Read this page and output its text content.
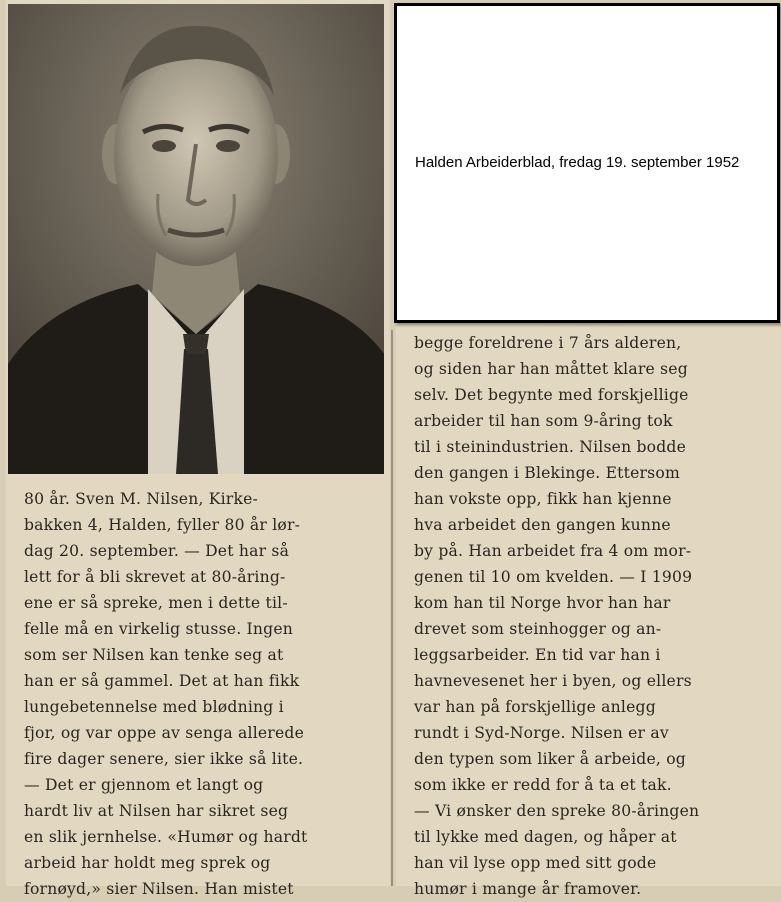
Halden Arbeiderblad, fredag 19. september 1952
80 år. Sven M. Nilsen, Kirke-
bakken 4, Halden, fyller 80 år lør-
dag 20. september. — Det har så
lett for å bli skrevet at 80-åring-
ene er så spreke, men i dette til-
felle må en virkelig stusse. Ingen
som ser Nilsen kan tenke seg at
han er så gammel. Det at han fikk
lungebetennelse med blødning i
fjor, og var oppe av senga allerede
fire dager senere, sier ikke så lite.
— Det er gjennom et langt og
hardt liv at Nilsen har sikret seg
en slik jernhelse. «Humør og hardt
arbeid har holdt meg sprek og
fornøyd,» sier Nilsen. Han mistet
begge foreldrene i 7 års alderen,
og siden har han måttet klare seg
selv. Det begynte med forskjellige
arbeider til han som 9-åring tok
til i steinindustrien. Nilsen bodde
den gangen i Blekinge. Ettersom
han vokste opp, fikk han kjenne
hva arbeidet den gangen kunne
by på. Han arbeidet fra 4 om mor-
genen til 10 om kvelden. — I 1909
kom han til Norge hvor han har
drevet som steinhogger og an-
leggsarbeider. En tid var han i
havnevesenet her i byen, og ellers
var han på forskjellige anlegg
rundt i Syd-Norge. Nilsen er av
den typen som liker å arbeide, og
som ikke er redd for å ta et tak.
— Vi ønsker den spreke 80-åringen
til lykke med dagen, og håper at
han vil lyse opp med sitt gode
humør i mange år framover.
